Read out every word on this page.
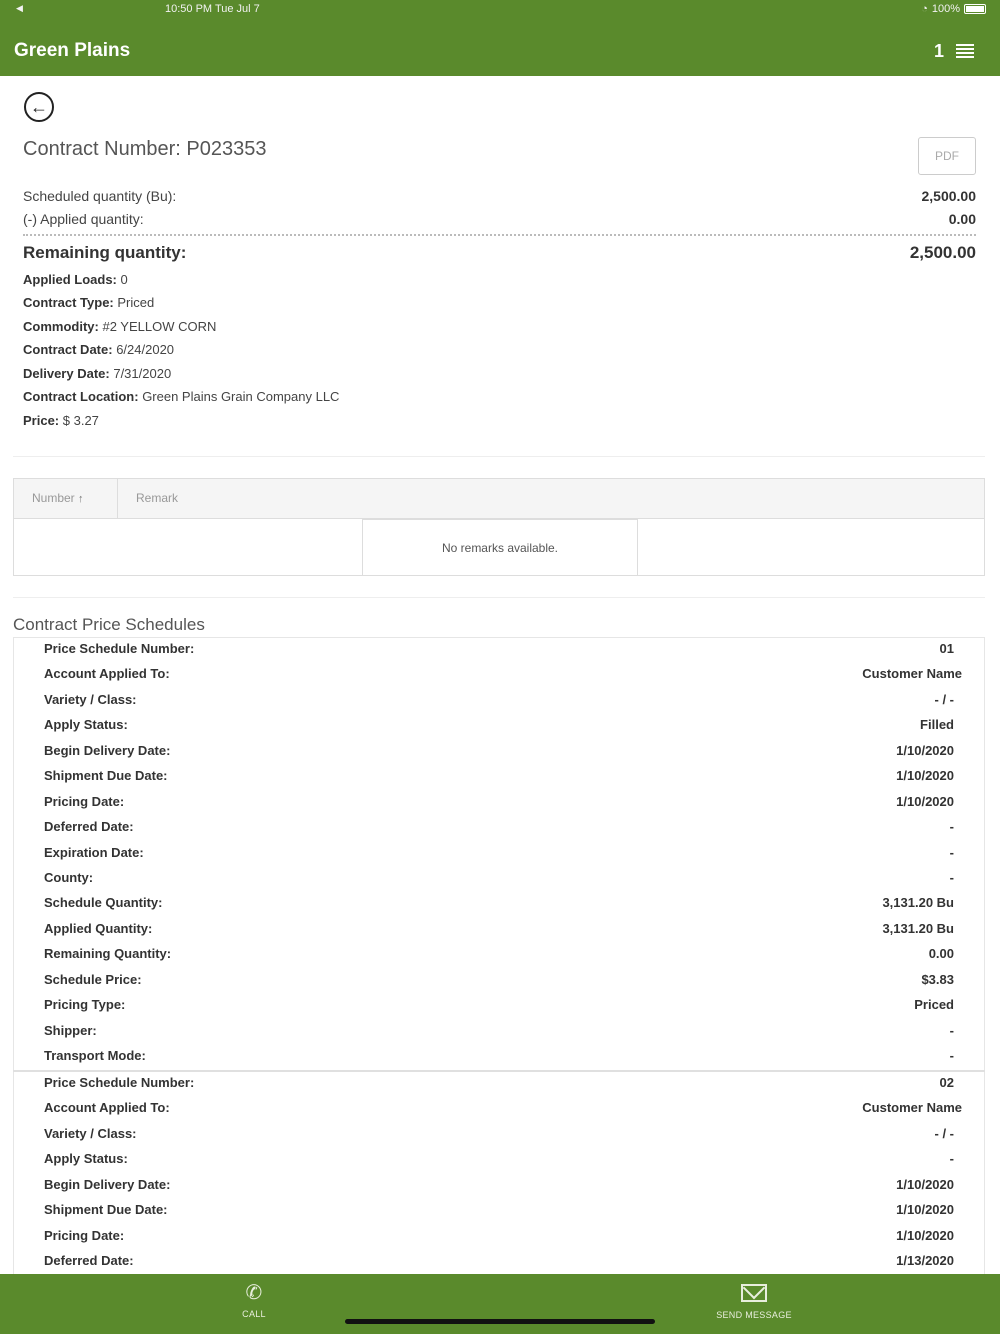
◀	10:50 PM Tue Jul 7	◔ 100%
Green Plains	1
←
Contract Number: P023353	PDF
Scheduled quantity (Bu):	2,500.00
(-) Applied quantity:	0.00
Remaining quantity:	2,500.00
Applied Loads: 0
Contract Type: Priced
Commodity: #2 YELLOW CORN
Contract Date: 6/24/2020
Delivery Date: 7/31/2020
Contract Location: Green Plains Grain Company LLC
Price: $ 3.27
Number ↑	Remark
No remarks available.
Contract Price Schedules
Price Schedule Number:	01
Account Applied To:	Customer Name
Variety / Class:	- / -
Apply Status:	Filled
Begin Delivery Date:	1/10/2020
Shipment Due Date:	1/10/2020
Pricing Date:	1/10/2020
Deferred Date:	-
Expiration Date:	-
County:	-
Schedule Quantity:	3,131.20 Bu
Applied Quantity:	3,131.20 Bu
Remaining Quantity:	0.00
Schedule Price:	$3.83
Pricing Type:	Priced
Shipper:	-
Transport Mode:	-
Price Schedule Number:	02
Account Applied To:	Customer Name
Variety / Class:	- / -
Apply Status:	-
Begin Delivery Date:	1/10/2020
Shipment Due Date:	1/10/2020
Pricing Date:	1/10/2020
Deferred Date:	1/13/2020
✆
CALL	SEND MESSAGE
